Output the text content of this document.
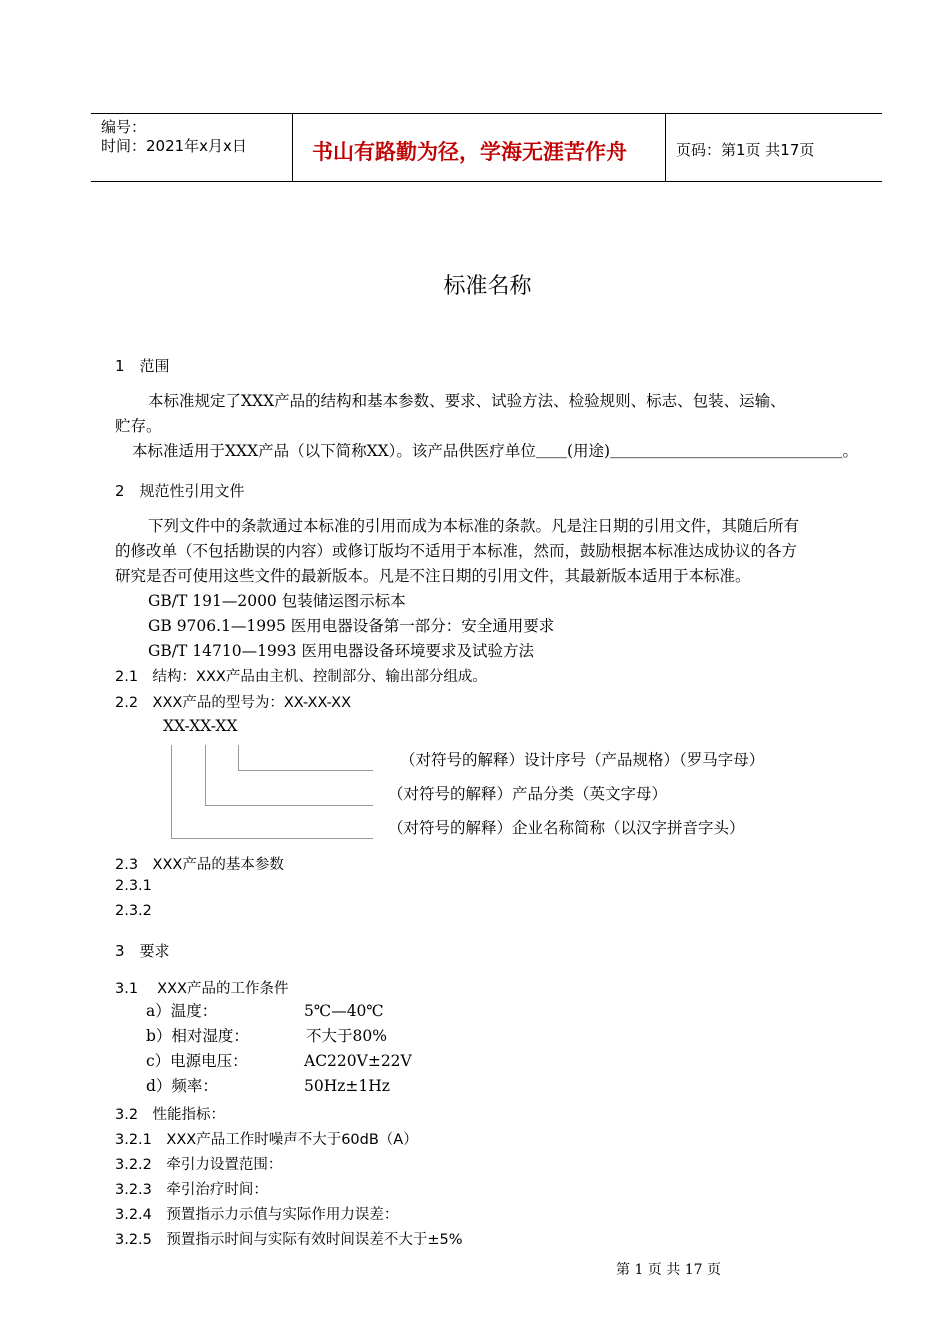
编号：
时间：2021年x月x日	书山有路勤为径，学海无涯苦作舟	页码：第1页 共17页
标准名称
1　范围
本标准规定了XXX产品的结构和基本参数、要求、试验方法、检验规则、标志、包装、运输、
贮存。
本标准适用于XXX产品（以下简称XX）。该产品供医疗单位＿＿(用途)＿＿＿＿＿＿＿＿＿＿＿＿＿＿＿。
2　规范性引用文件
下列文件中的条款通过本标准的引用而成为本标准的条款。凡是注日期的引用文件，其随后所有
的修改单（不包括勘误的内容）或修订版均不适用于本标准，然而，鼓励根据本标准达成协议的各方
研究是否可使用这些文件的最新版本。凡是不注日期的引用文件，其最新版本适用于本标准。
GB/T 191—2000 包装储运图示标本
GB 9706.1—1995 医用电器设备第一部分：安全通用要求
GB/T 14710—1993 医用电器设备环境要求及试验方法
2.1　结构：XXX产品由主机、控制部分、输出部分组成。
2.2　XXX产品的型号为：XX-XX-XX
XX-XX-XX
（对符号的解释）设计序号（产品规格）（罗马字母）
（对符号的解释）产品分类（英文字母）
（对符号的解释）企业名称简称（以汉字拼音字头）
2.3　XXX产品的基本参数
2.3.1
2.3.2
3　要求
3.1　 XXX产品的工作条件
a）温度：	5℃—40℃
b）相对湿度：	不大于80%
c）电源电压：	AC220V±22V
d）频率：	50Hz±1Hz
3.2　性能指标：
3.2.1　XXX产品工作时噪声不大于60dB（A）
3.2.2　牵引力设置范围：
3.2.3　牵引治疗时间：
3.2.4　预置指示力示值与实际作用力误差：
3.2.5　预置指示时间与实际有效时间误差不大于±5%
第 1 页 共 17 页
